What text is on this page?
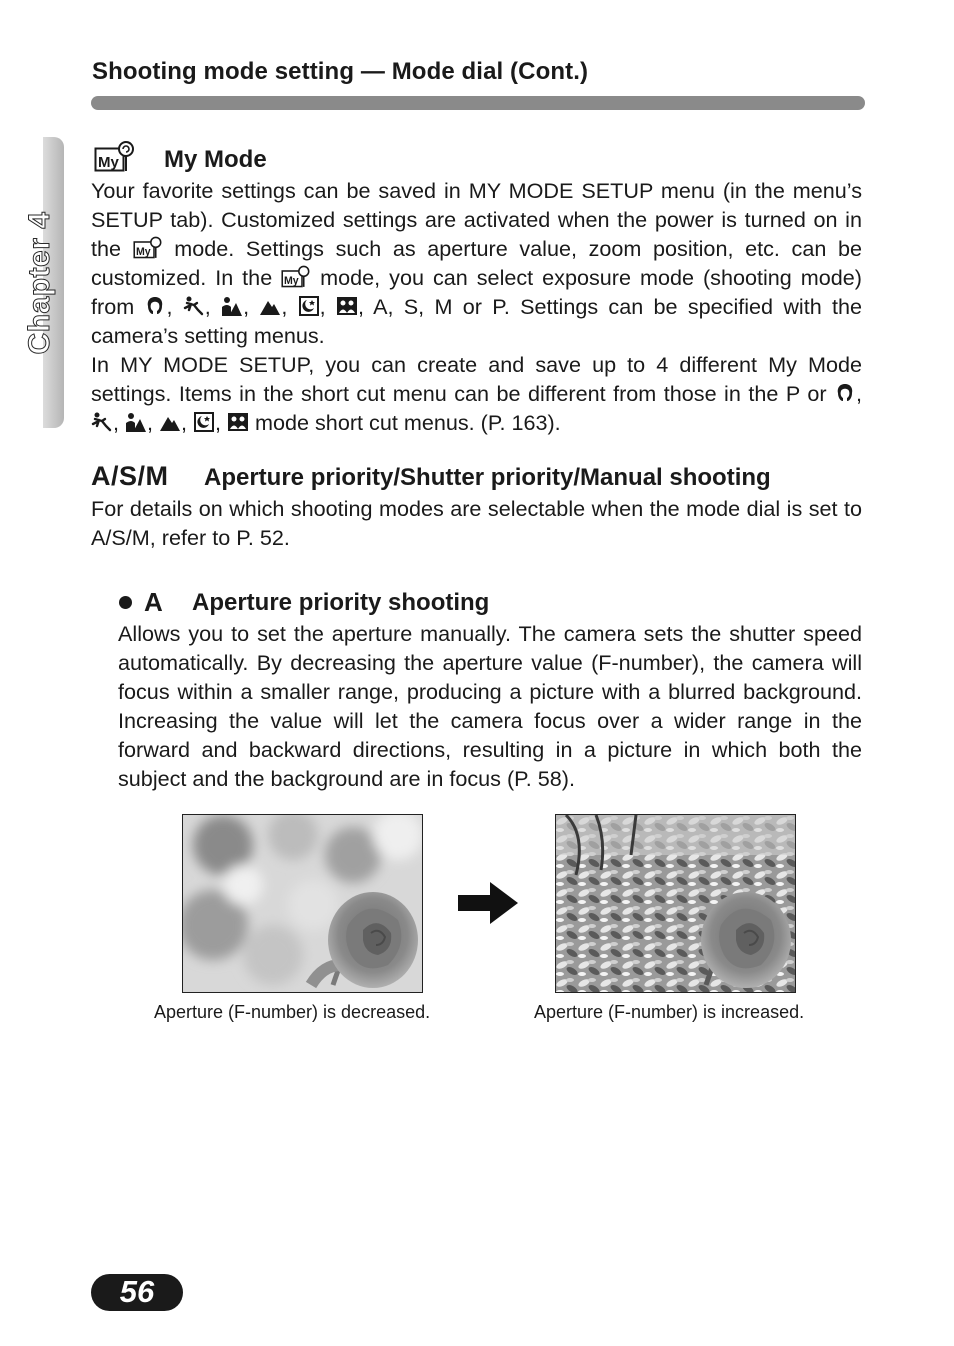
Shooting mode setting — Mode dial (Cont.)
Chapter 4
My My Mode
Your favorite settings can be saved in MY MODE SETUP menu (in the menu’s SETUP tab). Customized settings are activated when the power is turned on in the My mode. Settings such as aperture value, zoom position, etc. can be customized. In the My mode, you can select exposure mode (shooting mode) from
,
,
,
,
,
, A, S, M or P. Settings can be specified with the camera’s setting menus.
In MY MODE SETUP, you can create and save up to 4 different My Mode settings. Items in the short cut menu can be different from those in the P or
,
,
,
,
,
mode short cut menus. (P. 163).
A/S/M Aperture priority/Shutter priority/Manual shooting
For details on which shooting modes are selectable when the mode dial is set to A/S/M, refer to P. 52.
A Aperture priority shooting
Allows you to set the aperture manually. The camera sets the shutter speed automatically. By decreasing the aperture value (F-number), the camera will focus within a smaller range, producing a picture with a blurred background. Increasing the value will let the camera focus over a wider range in the forward and backward directions, resulting in a picture in which both the subject and the background are in focus (P. 58).
Aperture (F-number) is decreased.	Aperture (F-number) is increased.
56
